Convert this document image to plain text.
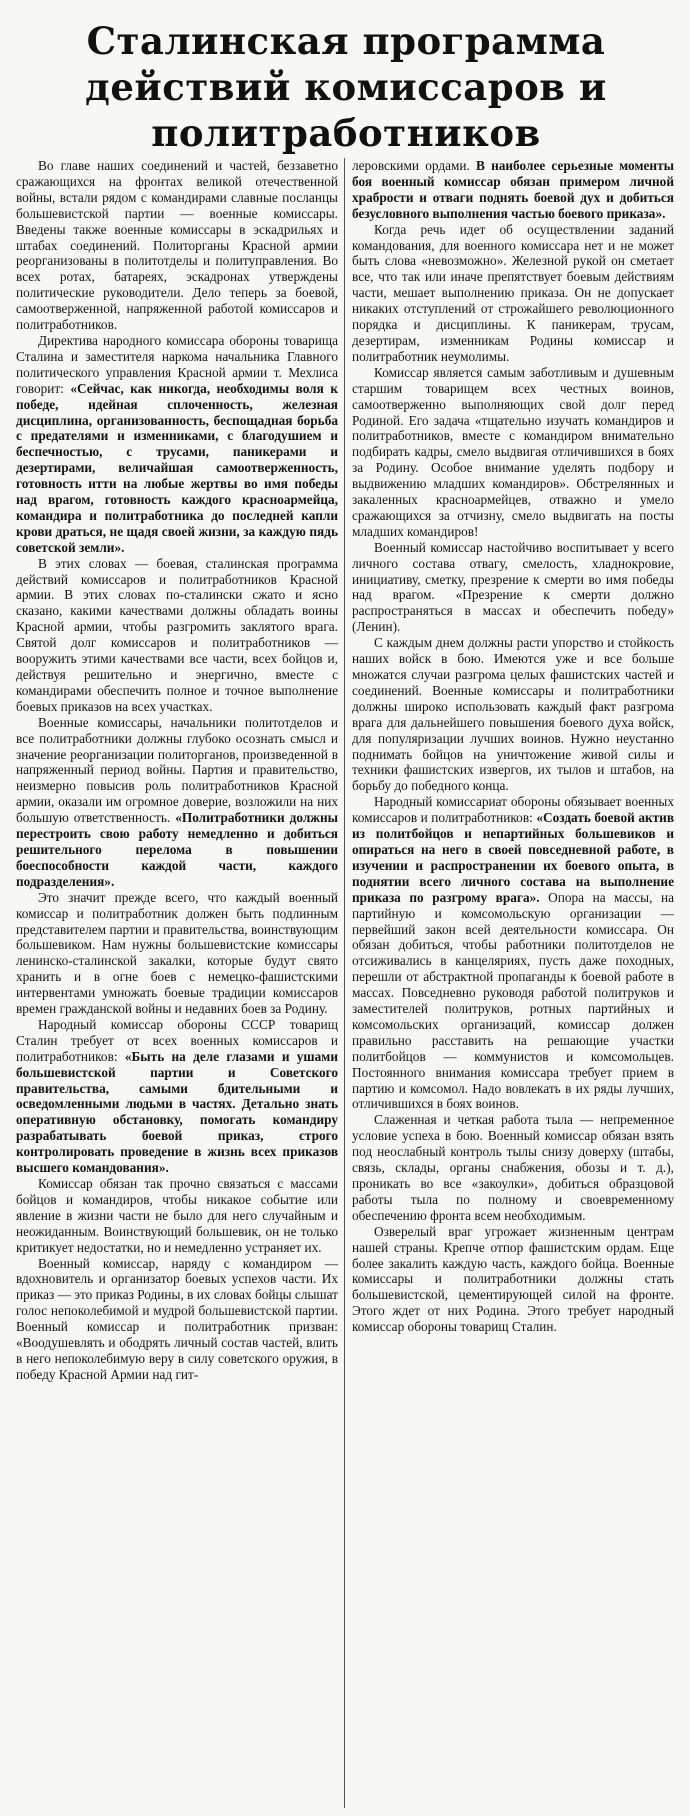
Сталинская программа
действий комиссаров и
политработников

Во главе наших соединений и частей, беззаветно сражающихся на фронтах великой отечественной войны, встали рядом с командирами славные посланцы большевистской партии — военные комиссары. Введены также военные комиссары в эскадрильях и штабах соединений. Политорганы Красной армии реорганизованы в политотделы и политуправления. Во всех ротах, батареях, эскадронах утверждены политические руководители. Дело теперь за боевой, самоотверженной, напряженной работой комиссаров и политработников.

Директива народного комиссара обороны товарища Сталина и заместителя наркома начальника Главного политического управления Красной армии т. Мехлиса говорит: «Сейчас, как никогда, необходимы воля к победе, идейная сплоченность, железная дисциплина, организованность, беспощадная борьба с предателями и изменниками, с благодушием и беспечностью, с трусами, паникерами и дезертирами, величайшая самоотверженность, готовность итти на любые жертвы во имя победы над врагом, готовность каждого красноармейца, командира и политработника до последней капли крови драться, не щадя своей жизни, за каждую пядь советской земли».

В этих словах — боевая, сталинская программа действий комиссаров и политработников Красной армии. В этих словах по-сталински сжато и ясно сказано, какими качествами должны обладать воины Красной армии, чтобы разгромить заклятого врага. Святой долг комиссаров и политработников — вооружить этими качествами все части, всех бойцов и, действуя решительно и энергично, вместе с командирами обеспечить полное и точное выполнение боевых приказов на всех участках.

Военные комиссары, начальники политотделов и все политработники должны глубоко осознать смысл и значение реорганизации политорганов, произведенной в напряженный период войны. Партия и правительство, неизмерно повысив роль политработников Красной армии, оказали им огромное доверие, возложили на них большую ответственность. «Политработники должны перестроить свою работу немедленно и добиться решительного перелома в повышении боеспособности каждой части, каждого подразделения».

Это значит прежде всего, что каждый военный комиссар и политработник должен быть подлинным представителем партии и правительства, воинствующим большевиком. Нам нужны большевистские комиссары ленинско-сталинской закалки, которые будут свято хранить и в огне боев с немецко-фашистскими интервентами умножать боевые традиции комиссаров времен гражданской войны и недавних боев за Родину.

Народный комиссар обороны СССР товарищ Сталин требует от всех военных комиссаров и политработников: «Быть на деле глазами и ушами большевистской партии и Советского правительства, самыми бдительными и осведомленными людьми в частях. Детально знать оперативную обстановку, помогать командиру разрабатывать боевой приказ, строго контролировать проведение в жизнь всех приказов высшего командования».

Комиссар обязан так прочно связаться с массами бойцов и командиров, чтобы никакое событие или явление в жизни части не было для него случайным и неожиданным. Воинствующий большевик, он не только критикует недостатки, но и немедленно устраняет их.

Военный комиссар, наряду с командиром — вдохновитель и организатор боевых успехов части. Их приказ — это приказ Родины, в их словах бойцы слышат голос непоколебимой и мудрой большевистской партии. Военный комиссар и политработник призван: «Воодушевлять и ободрять личный состав частей, влить в него непоколебимую веру в силу советского оружия, в победу Красной Армии над гит-

леровскими ордами. В наиболее серьезные моменты боя военный комиссар обязан примером личной храбрости и отваги поднять боевой дух и добиться безусловного выполнения частью боевого приказа».

Когда речь идет об осуществлении заданий командования, для военного комиссара нет и не может быть слова «невозможно». Железной рукой он сметает все, что так или иначе препятствует боевым действиям части, мешает выполнению приказа. Он не допускает никаких отступлений от строжайшего революционного порядка и дисциплины. К паникерам, трусам, дезертирам, изменникам Родины комиссар и политработник неумолимы.

Комиссар является самым заботливым и душевным старшим товарищем всех честных воинов, самоотверженно выполняющих свой долг перед Родиной. Его задача «тщательно изучать командиров и политработников, вместе с командиром внимательно подбирать кадры, смело выдвигая отличившихся в боях за Родину. Особое внимание уделять подбору и выдвижению младших командиров». Обстрелянных и закаленных красноармейцев, отважно и умело сражающихся за отчизну, смело выдвигать на посты младших командиров!

Военный комиссар настойчиво воспитывает у всего личного состава отвагу, смелость, хладнокровие, инициативу, сметку, презрение к смерти во имя победы над врагом. «Презрение к смерти должно распространяться в массах и обеспечить победу» (Ленин).

С каждым днем должны расти упорство и стойкость наших войск в бою. Имеются уже и все больше множатся случаи разгрома целых фашистских частей и соединений. Военные комиссары и политработники должны широко использовать каждый факт разгрома врага для дальнейшего повышения боевого духа войск, для популяризации лучших воинов. Нужно неустанно поднимать бойцов на уничтожение живой силы и техники фашистских извергов, их тылов и штабов, на борьбу до победного конца.

Народный комиссариат обороны обязывает военных комиссаров и политработников: «Создать боевой актив из политбойцов и непартийных большевиков и опираться на него в своей повседневной работе, в изучении и распространении их боевого опыта, в поднятии всего личного состава на выполнение приказа по разгрому врага». Опора на массы, на партийную и комсомольскую организации — первейший закон всей деятельности комиссара. Он обязан добиться, чтобы работники политотделов не отсиживались в канцеляриях, пусть даже походных, перешли от абстрактной пропаганды к боевой работе в массах. Повседневно руководя работой политруков и заместителей политруков, ротных партийных и комсомольских организаций, комиссар должен правильно расставить на решающие участки политбойцов — коммунистов и комсомольцев. Постоянного внимания комиссара требует прием в партию и комсомол. Надо вовлекать в их ряды лучших, отличившихся в боях воинов.

Слаженная и четкая работа тыла — непременное условие успеха в бою. Военный комиссар обязан взять под неослабный контроль тылы снизу доверху (штабы, связь, склады, органы снабжения, обозы и т. д.), проникать во все «закоулки», добиться образцовой работы тыла по полному и своевременному обеспечению фронта всем необходимым.

Озверелый враг угрожает жизненным центрам нашей страны. Крепче отпор фашистским ордам. Еще более закалить каждую часть, каждого бойца. Военные комиссары и политработники должны стать большевистской, цементирующей силой на фронте. Этого ждет от них Родина. Этого требует народный комиссар обороны товарищ Сталин.
